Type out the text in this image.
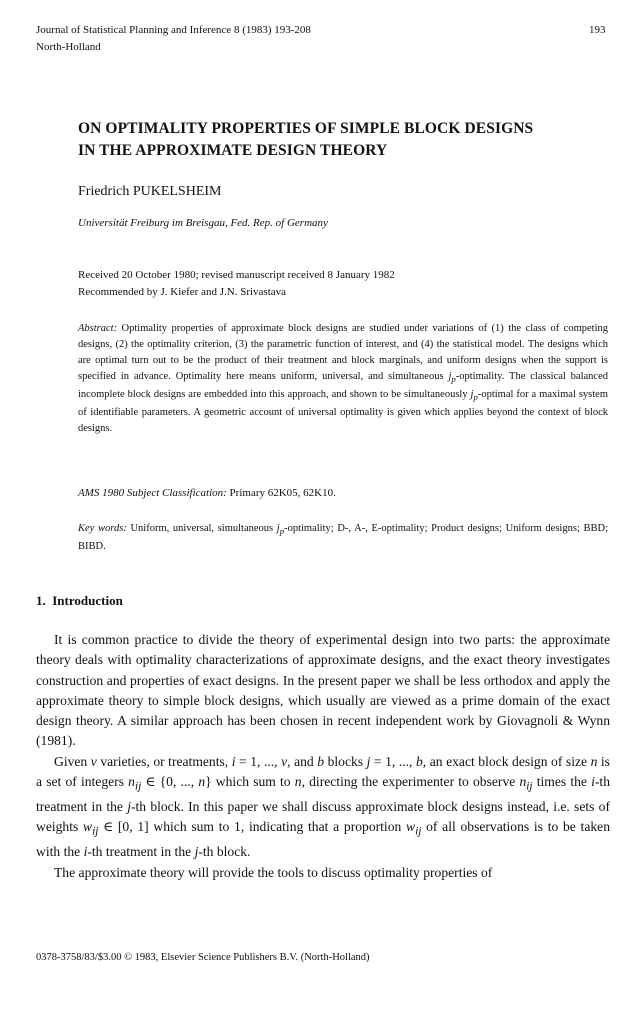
Journal of Statistical Planning and Inference 8 (1983) 193-208
North-Holland
193
ON OPTIMALITY PROPERTIES OF SIMPLE BLOCK DESIGNS
IN THE APPROXIMATE DESIGN THEORY
Friedrich PUKELSHEIM
Universität Freiburg im Breisgau, Fed. Rep. of Germany
Received 20 October 1980; revised manuscript received 8 January 1982
Recommended by J. Kiefer and J.N. Srivastava
Abstract: Optimality properties of approximate block designs are studied under variations of (1) the class of competing designs, (2) the optimality criterion, (3) the parametric function of interest, and (4) the statistical model. The designs which are optimal turn out to be the product of their treatment and block marginals, and uniform designs when the support is specified in advance. Optimality here means uniform, universal, and simultaneous $j_p$-optimality. The classical balanced incomplete block designs are embedded into this approach, and shown to be simultaneously $j_p$-optimal for a maximal system of identifiable parameters. A geometric account of universal optimality is given which applies beyond the context of block designs.
AMS 1980 Subject Classification: Primary 62K05, 62K10.
Key words: Uniform, universal, simultaneous $j_p$-optimality; D-, A-, E-optimality; Product designs; Uniform designs; BBD; BIBD.
1. Introduction

It is common practice to divide the theory of experimental design into two parts: the approximate theory deals with optimality characterizations of approximate designs, and the exact theory investigates construction and properties of exact designs. In the present paper we shall be less orthodox and apply the approximate theory to simple block designs, which usually are viewed as a prime domain of the exact design theory. A similar approach has been chosen in recent independent work by Giovagnoli & Wynn (1981).

Given v varieties, or treatments, i = 1, ..., v, and b blocks j = 1, ..., b, an exact block design of size n is a set of integers $n_{ij}$ ∈ {0, ..., n} which sum to n, directing the experimenter to observe $n_{ij}$ times the i-th treatment in the j-th block. In this paper we shall discuss approximate block designs instead, i.e. sets of weights $w_{ij}$ ∈ [0, 1] which sum to 1, indicating that a proportion $w_{ij}$ of all observations is to be taken with the i-th treatment in the j-th block.

The approximate theory will provide the tools to discuss optimality properties of

0378-3758/83/$3.00 © 1983, Elsevier Science Publishers B.V. (North-Holland)
